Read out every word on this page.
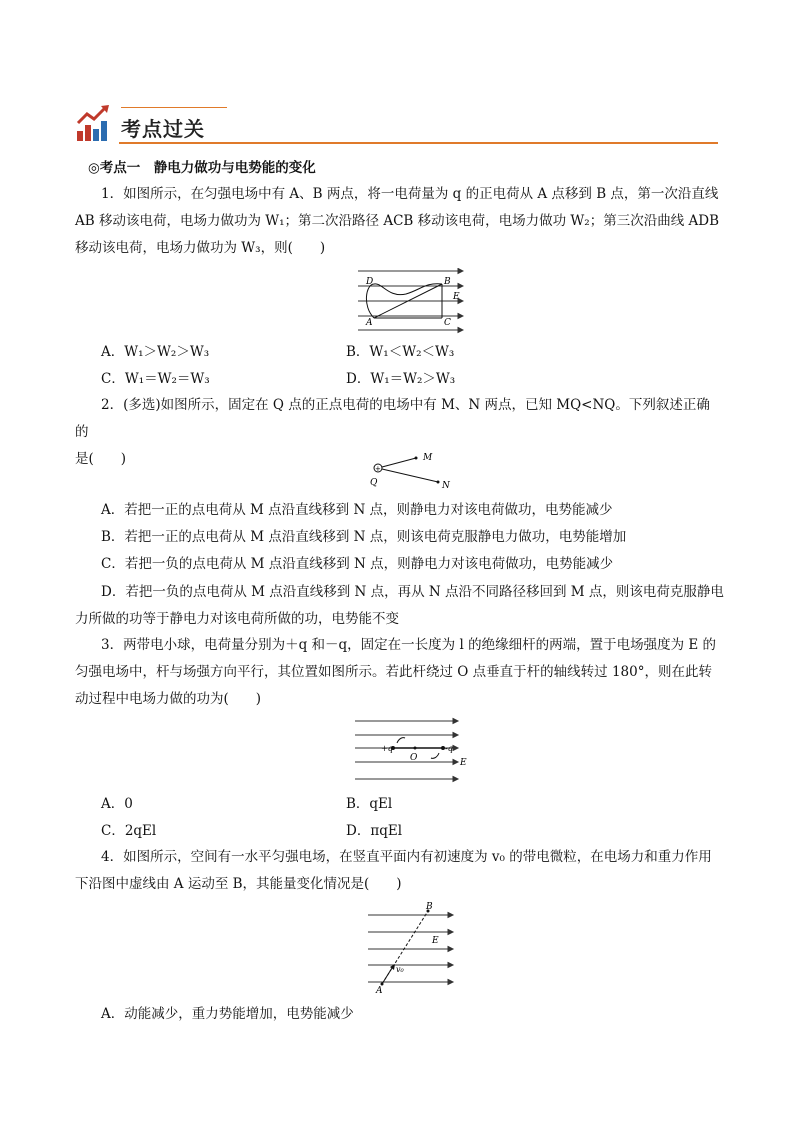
考点过关
◎考点一　静电力做功与电势能的变化
1．如图所示，在匀强电场中有 A、B 两点，将一电荷量为 q 的正电荷从 A 点移到 B 点，第一次沿直线
AB 移动该电荷，电场力做功为 W₁；第二次沿路径 ACB 移动该电荷，电场力做功 W₂；第三次沿曲线 ADB
移动该电荷，电场力做功为 W₃，则(　　)
D	B
E
A	C
A．W₁＞W₂＞W₃	B．W₁＜W₂＜W₃
C．W₁＝W₂＝W₃	D．W₁＝W₂＞W₃
2．(多选)如图所示，固定在 Q 点的正点电荷的电场中有 M、N 两点，已知 MQ<NQ。下列叙述正确的
是(　　)
+
M
N
Q
A．若把一正的点电荷从 M 点沿直线移到 N 点，则静电力对该电荷做功，电势能减少
B．若把一正的点电荷从 M 点沿直线移到 N 点，则该电荷克服静电力做功，电势能增加
C．若把一负的点电荷从 M 点沿直线移到 N 点，则静电力对该电荷做功，电势能减少
D．若把一负的点电荷从 M 点沿直线移到 N 点，再从 N 点沿不同路径移回到 M 点，则该电荷克服静电
力所做的功等于静电力对该电荷所做的功，电势能不变
3．两带电小球，电荷量分别为＋q 和－q，固定在一长度为 l 的绝缘细杆的两端，置于电场强度为 E 的
匀强电场中，杆与场强方向平行，其位置如图所示。若此杆绕过 O 点垂直于杆的轴线转过 180°，则在此转
动过程中电场力做的功为(　　)
+q
O
-q
E
A．0	B．qEl
C．2qEl	D．πqEl
4．如图所示，空间有一水平匀强电场，在竖直平面内有初速度为 v₀ 的带电微粒，在电场力和重力作用
下沿图中虚线由 A 运动至 B，其能量变化情况是(　　)
B
E
v₀
A
A．动能减少，重力势能增加，电势能减少
